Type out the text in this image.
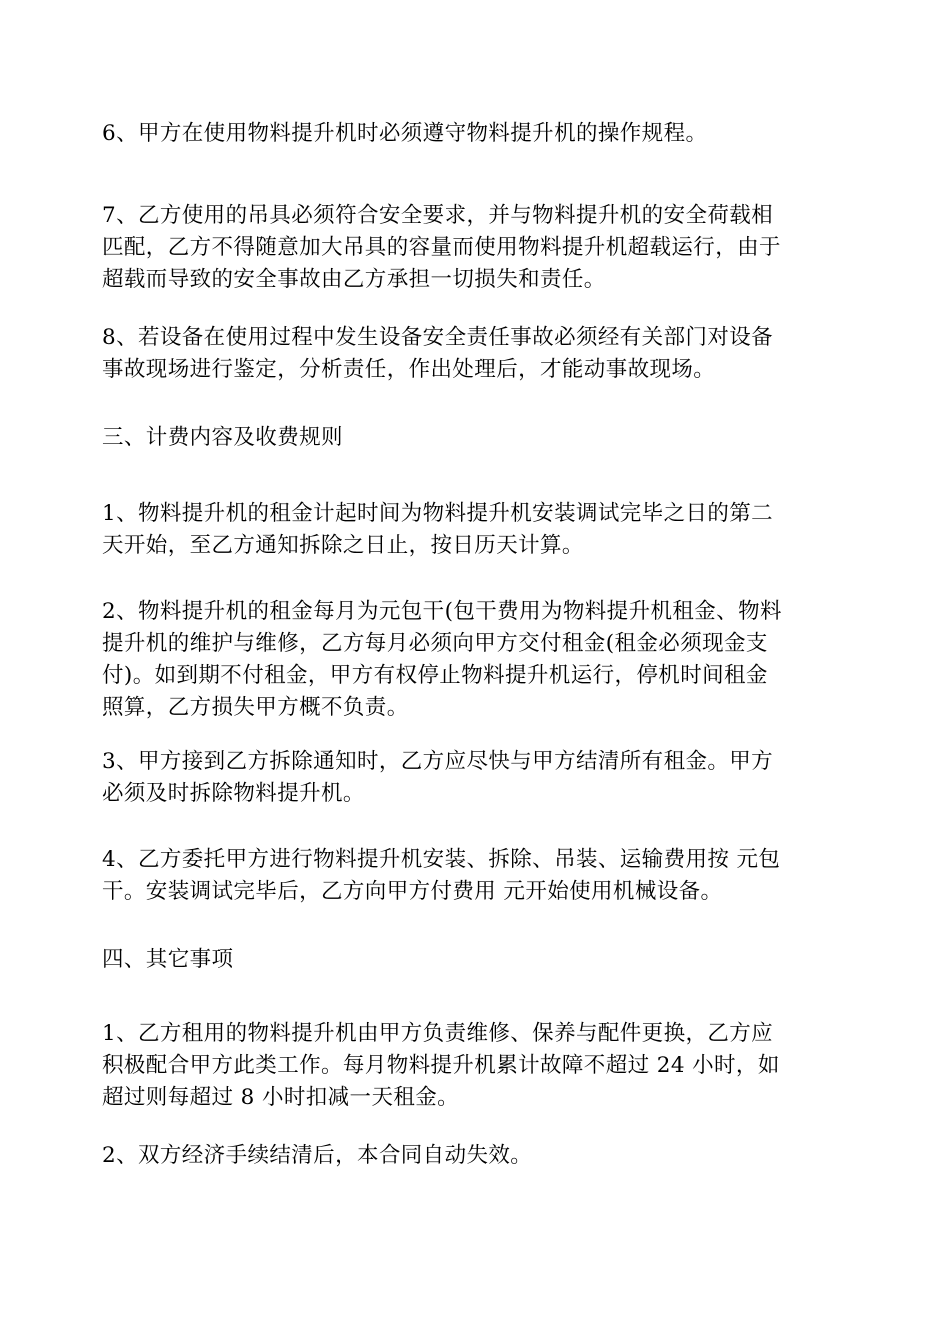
6、甲方在使用物料提升机时必须遵守物料提升机的操作规程。

7、乙方使用的吊具必须符合安全要求，并与物料提升机的安全荷载相
匹配，乙方不得随意加大吊具的容量而使用物料提升机超载运行，由于
超载而导致的安全事故由乙方承担一切损失和责任。

8、若设备在使用过程中发生设备安全责任事故必须经有关部门对设备
事故现场进行鉴定，分析责任，作出处理后，才能动事故现场。

三、计费内容及收费规则

1、物料提升机的租金计起时间为物料提升机安装调试完毕之日的第二
天开始，至乙方通知拆除之日止，按日历天计算。

2、物料提升机的租金每月为元包干(包干费用为物料提升机租金、物料
提升机的维护与维修，乙方每月必须向甲方交付租金(租金必须现金支
付)。如到期不付租金，甲方有权停止物料提升机运行，停机时间租金
照算，乙方损失甲方概不负责。

3、甲方接到乙方拆除通知时，乙方应尽快与甲方结清所有租金。甲方
必须及时拆除物料提升机。

4、乙方委托甲方进行物料提升机安装、拆除、吊装、运输费用按 元包
干。安装调试完毕后，乙方向甲方付费用 元开始使用机械设备。

四、其它事项

1、乙方租用的物料提升机由甲方负责维修、保养与配件更换，乙方应
积极配合甲方此类工作。每月物料提升机累计故障不超过 24 小时，如
超过则每超过 8 小时扣减一天租金。

2、双方经济手续结清后，本合同自动失效。
